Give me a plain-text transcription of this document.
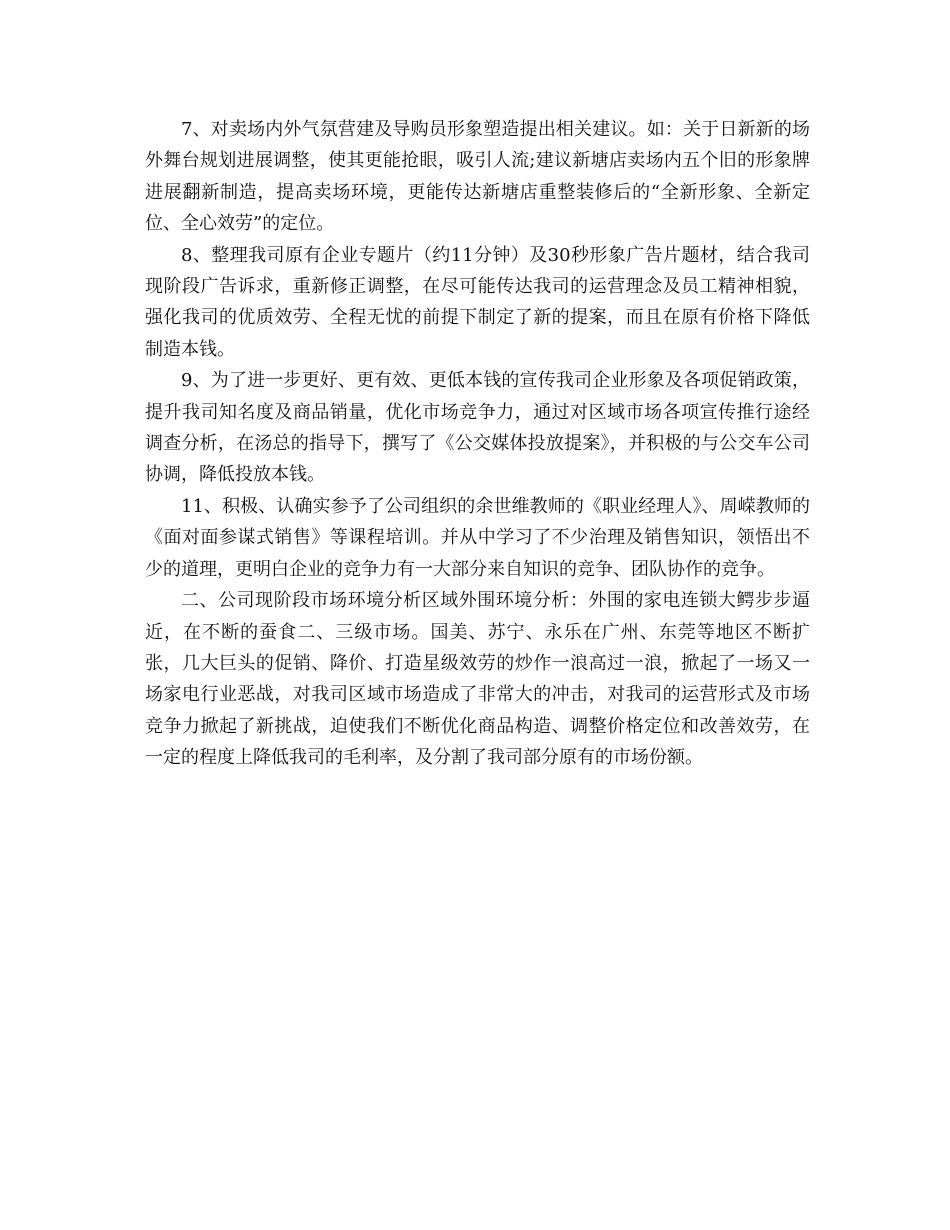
7、对卖场内外气氛营建及导购员形象塑造提出相关建议。如：关于日新新的场外舞台规划进展调整，使其更能抢眼，吸引人流;建议新塘店卖场内五个旧的形象牌进展翻新制造，提高卖场环境，更能传达新塘店重整装修后的“全新形象、全新定位、全心效劳”的定位。

8、整理我司原有企业专题片（约11分钟）及30秒形象广告片题材，结合我司现阶段广告诉求，重新修正调整，在尽可能传达我司的运营理念及员工精神相貌，强化我司的优质效劳、全程无忧的前提下制定了新的提案，而且在原有价格下降低制造本钱。

9、为了进一步更好、更有效、更低本钱的宣传我司企业形象及各项促销政策，提升我司知名度及商品销量，优化市场竞争力，通过对区域市场各项宣传推行途经调查分析，在汤总的指导下，撰写了《公交媒体投放提案》，并积极的与公交车公司协调，降低投放本钱。

11、积极、认确实参予了公司组织的余世维教师的《职业经理人》、周嵘教师的《面对面参谋式销售》等课程培训。并从中学习了不少治理及销售知识，领悟出不少的道理，更明白企业的竞争力有一大部分来自知识的竞争、团队协作的竞争。

二、公司现阶段市场环境分析区域外围环境分析：外围的家电连锁大鳄步步逼近，在不断的蚕食二、三级市场。国美、苏宁、永乐在广州、东莞等地区不断扩张，几大巨头的促销、降价、打造星级效劳的炒作一浪高过一浪，掀起了一场又一场家电行业恶战，对我司区域市场造成了非常大的冲击，对我司的运营形式及市场竞争力掀起了新挑战，迫使我们不断优化商品构造、调整价格定位和改善效劳，在一定的程度上降低我司的毛利率，及分割了我司部分原有的市场份额。
